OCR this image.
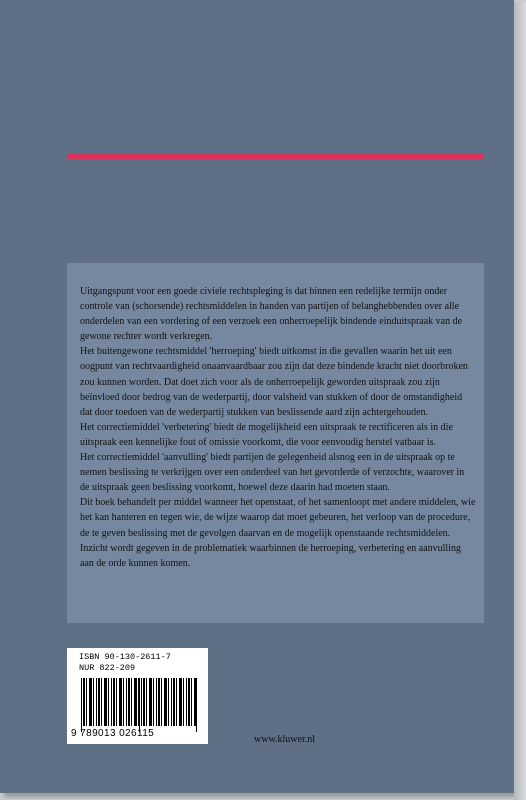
Uitgangspunt voor een goede civiele rechtspleging is dat binnen een redelijke termijn onder controle van (schorsende) rechtsmiddelen in handen van partijen of belanghebbenden over alle onderdelen van een vordering of een verzoek een onherroepelijk bindende einduitspraak van de gewone rechter wordt verkregen.

Het buitengewone rechtsmiddel 'herroeping' biedt uitkomst in die gevallen waarin het uit een oogpunt van rechtvaardigheid onaanvaardbaar zou zijn dat deze bindende kracht niet doorbroken zou kunnen worden. Dat doet zich voor als de onherroepelijk geworden uitspraak zou zijn beïnvloed door bedrog van de wederpartij, door valsheid van stukken of door de omstandigheid dat door toedoen van de wederpartij stukken van beslissende aard zijn achtergehouden.

Het correctiemiddel 'verbetering' biedt de mogelijkheid een uitspraak te rectificeren als in die uitspraak een kennelijke fout of omissie voorkomt, die voor eenvoudig herstel vatbaar is.

Het correctiemiddel 'aanvulling' biedt partijen de gelegenheid alsnog een in de uitspraak op te nemen beslissing te verkrijgen over een onderdeel van het gevorderde of verzochte, waarover in de uitspraak geen beslissing voorkomt, hoewel deze daarin had moeten staan.

Dit boek behandelt per middel wanneer het openstaat, of het samenloopt met andere middelen, wie het kan hanteren en tegen wie, de wijze waarop dat moet gebeuren, het verloop van de procedure, de te geven beslissing met de gevolgen daarvan en de mogelijk openstaande rechtsmiddelen. Inzicht wordt gegeven in de problematiek waarbinnen de herroeping, verbetering en aanvulling aan de orde kunnen komen.

ISBN 90-130-2611-7
NUR 822-209
9 789013 026115
www.kluwer.nl
